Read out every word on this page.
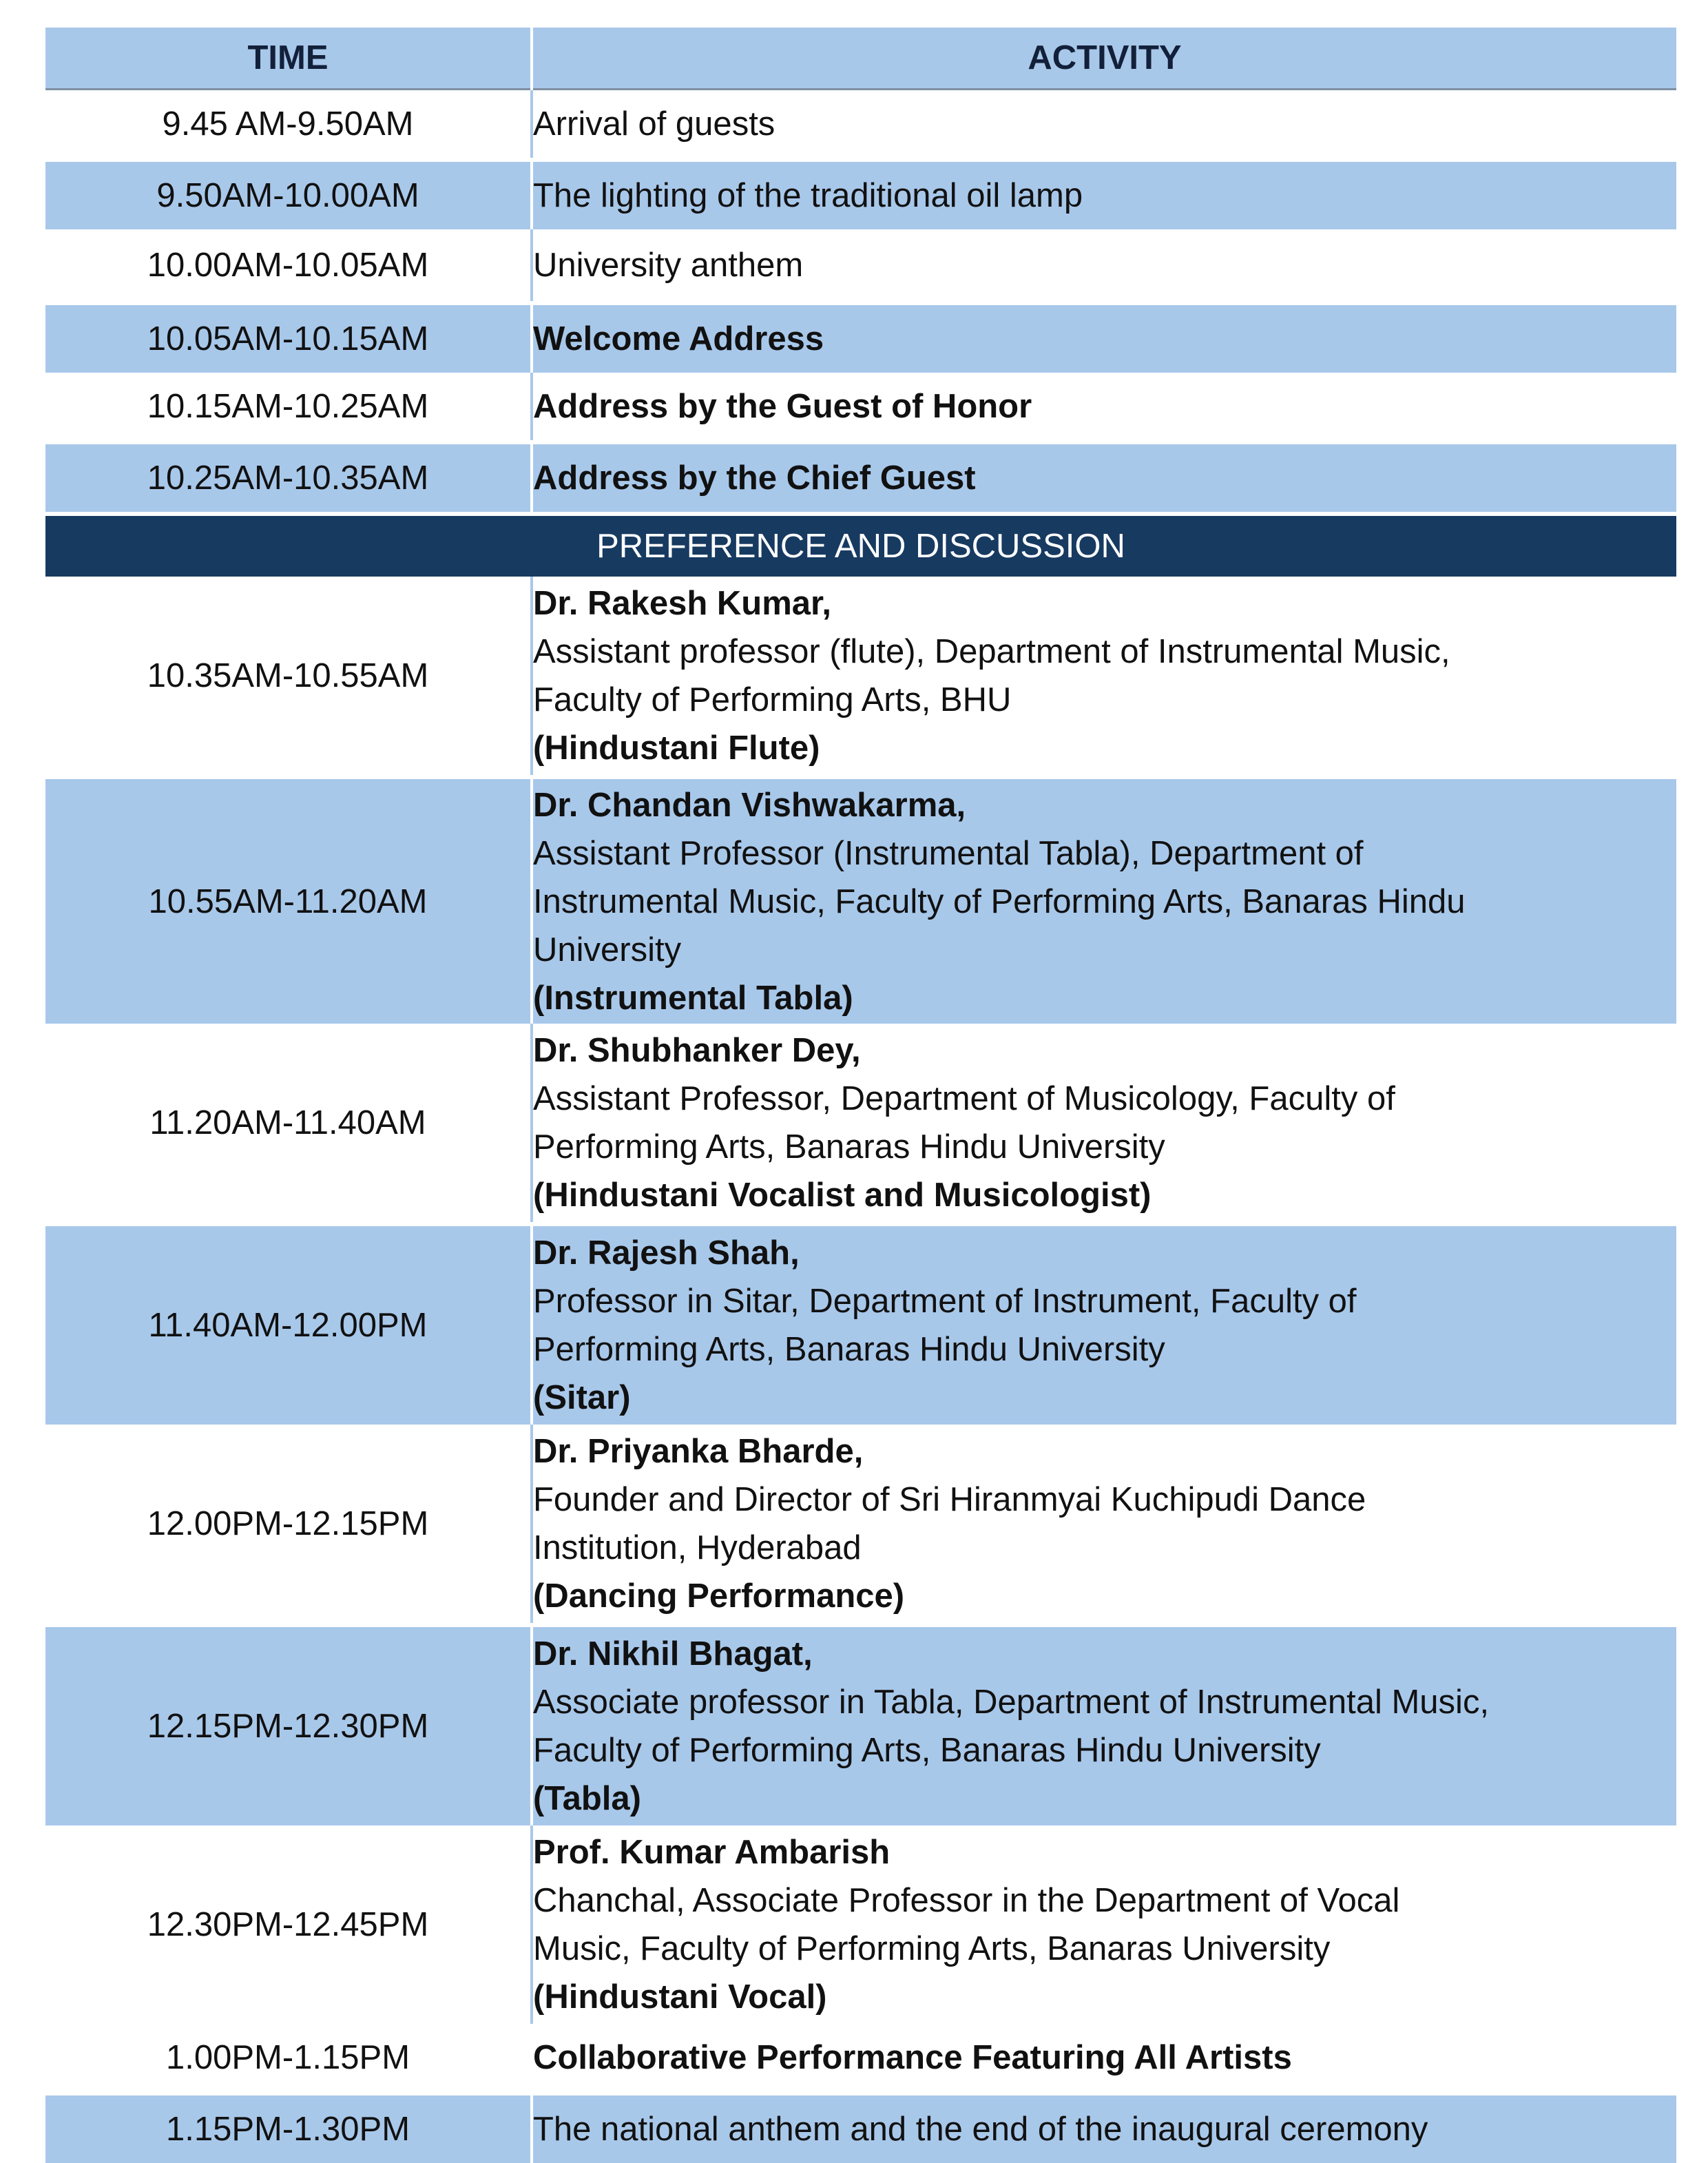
TIME	ACTIVITY
9.45 AM-9.50AM	Arrival of guests
9.50AM-10.00AM	The lighting of the traditional oil lamp
10.00AM-10.05AM	University anthem
10.05AM-10.15AM	Welcome Address
10.15AM-10.25AM	Address by the Guest of Honor
10.25AM-10.35AM	Address by the Chief Guest
PREFERENCE AND DISCUSSION	
10.35AM-10.55AM	Dr. Rakesh Kumar,
Assistant professor (flute), Department of Instrumental Music,
Faculty of Performing Arts, BHU
(Hindustani Flute)

10.55AM-11.20AM	Dr. Chandan Vishwakarma,
Assistant Professor (Instrumental Tabla), Department of
Instrumental Music, Faculty of Performing Arts, Banaras Hindu
University
(Instrumental Tabla)

11.20AM-11.40AM	Dr. Shubhanker Dey,
Assistant Professor, Department of Musicology, Faculty of
Performing Arts, Banaras Hindu University
(Hindustani Vocalist and Musicologist)

11.40AM-12.00PM	Dr. Rajesh Shah,
Professor in Sitar, Department of Instrument, Faculty of
Performing Arts, Banaras Hindu University
(Sitar)

12.00PM-12.15PM	Dr. Priyanka Bharde,
Founder and Director of Sri Hiranmyai Kuchipudi Dance
Institution, Hyderabad
(Dancing Performance)

12.15PM-12.30PM	Dr. Nikhil Bhagat,
Associate professor in Tabla, Department of Instrumental Music,
Faculty of Performing Arts, Banaras Hindu University
(Tabla)

12.30PM-12.45PM	Prof. Kumar Ambarish
Chanchal, Associate Professor in the Department of Vocal
Music, Faculty of Performing Arts, Banaras University
(Hindustani Vocal)

1.00PM-1.15PM	Collaborative Performance Featuring All Artists
1.15PM-1.30PM	The national anthem and the end of the inaugural ceremony
